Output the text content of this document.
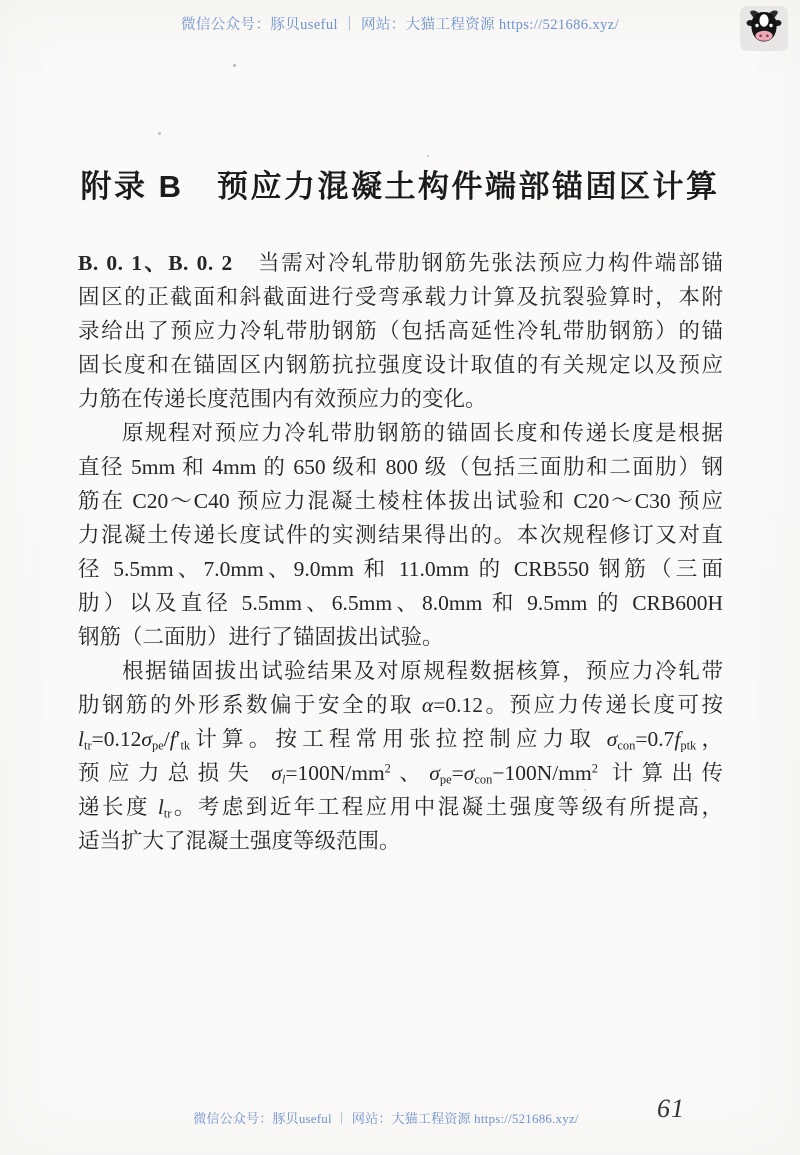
微信公众号：豚贝useful ｜ 网站：大猫工程资源 https://521686.xyz/
附录 B　预应力混凝土构件端部锚固区计算
B. 0. 1、B. 0. 2　当需对冷轧带肋钢筋先张法预应力构件端部锚
固区的正截面和斜截面进行受弯承载力计算及抗裂验算时，本附
录给出了预应力冷轧带肋钢筋（包括高延性冷轧带肋钢筋）的锚
固长度和在锚固区内钢筋抗拉强度设计取值的有关规定以及预应
力筋在传递长度范围内有效预应力的变化。
原规程对预应力冷轧带肋钢筋的锚固长度和传递长度是根据
直径 5mm 和 4mm 的 650 级和 800 级（包括三面肋和二面肋）钢
筋在 C20～C40 预应力混凝土棱柱体拔出试验和 C20～C30 预应
力混凝土传递长度试件的实测结果得出的。本次规程修订又对直
径 5.5mm、7.0mm、9.0mm 和 11.0mm 的 CRB550 钢筋（三面
肋）以及直径 5.5mm、6.5mm、8.0mm 和 9.5mm 的 CRB600H
钢筋（二面肋）进行了锚固拔出试验。
根据锚固拔出试验结果及对原规程数据核算，预应力冷轧带
肋钢筋的外形系数偏于安全的取 α=0.12。预应力传递长度可按
$l_{tr}=0.12\sigma_{pe}/f'_{tk}$计算。按工程常用张拉控制应力取 $\sigma_{con}=0.7f_{ptk}$，
预应力总损失 $\sigma_l=100N/mm^2$、$\sigma_{pe}=\sigma_{con}-100N/mm^2$ 计算出传
递长度 $l_{tr}$。考虑到近年工程应用中混凝土强度等级有所提高，
适当扩大了混凝土强度等级范围。
微信公众号：豚贝useful ｜ 网站：大猫工程资源 https://521686.xyz/	61
